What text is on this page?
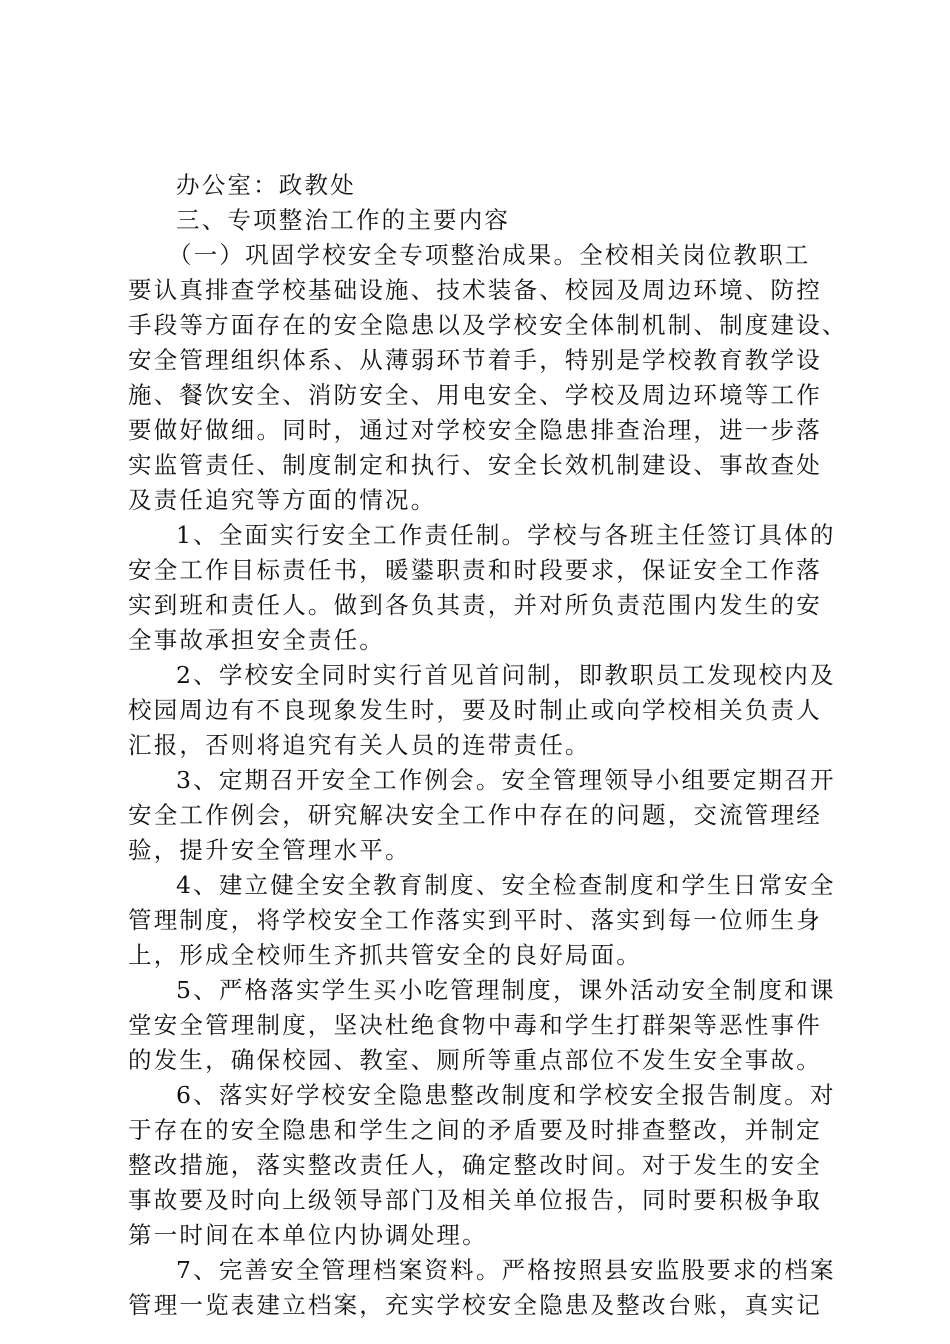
办公室：政教处
三、专项整治工作的主要内容
（一）巩固学校安全专项整治成果。全校相关岗位教职工
要认真排查学校基础设施、技术装备、校园及周边环境、防控
手段等方面存在的安全隐患以及学校安全体制机制、制度建设、
安全管理组织体系、从薄弱环节着手，特别是学校教育教学设
施、餐饮安全、消防安全、用电安全、学校及周边环境等工作
要做好做细。同时，通过对学校安全隐患排查治理，进一步落
实监管责任、制度制定和执行、安全长效机制建设、事故查处
及责任追究等方面的情况。
1、全面实行安全工作责任制。学校与各班主任签订具体的
安全工作目标责任书，暖鍙职责和时段要求，保证安全工作落
实到班和责任人。做到各负其责，并对所负责范围内发生的安
全事故承担安全责任。
2、学校安全同时实行首见首问制，即教职员工发现校内及
校园周边有不良现象发生时，要及时制止或向学校相关负责人
汇报，否则将追究有关人员的连带责任。
3、定期召开安全工作例会。安全管理领导小组要定期召开
安全工作例会，研究解决安全工作中存在的问题，交流管理经
验，提升安全管理水平。
4、建立健全安全教育制度、安全检查制度和学生日常安全
管理制度，将学校安全工作落实到平时、落实到每一位师生身
上，形成全校师生齐抓共管安全的良好局面。
5、严格落实学生买小吃管理制度，课外活动安全制度和课
堂安全管理制度，坚决杜绝食物中毒和学生打群架等恶性事件
的发生，确保校园、教室、厕所等重点部位不发生安全事故。
6、落实好学校安全隐患整改制度和学校安全报告制度。对
于存在的安全隐患和学生之间的矛盾要及时排查整改，并制定
整改措施，落实整改责任人，确定整改时间。对于发生的安全
事故要及时向上级领导部门及相关单位报告，同时要积极争取
第一时间在本单位内协调处理。
7、完善安全管理档案资料。严格按照县安监股要求的档案
管理一览表建立档案，充实学校安全隐患及整改台账，真实记
